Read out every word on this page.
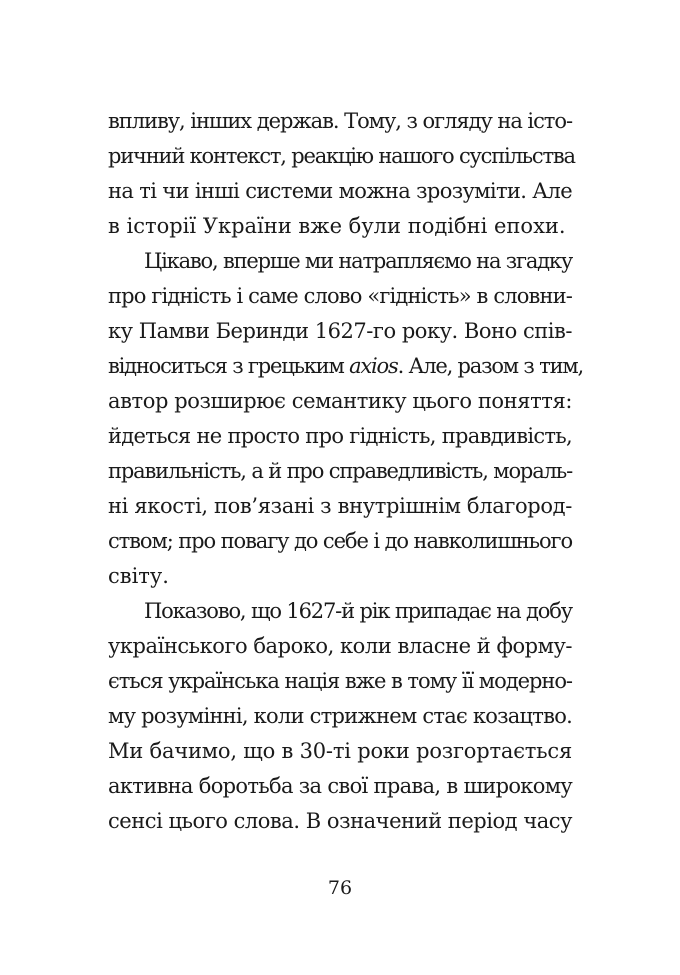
впливу, інших держав. Тому, з огляду на істо-
ричний контекст, реакцію нашого суспільства
на ті чи інші системи можна зрозуміти. Але
в історії України вже були подібні епохи.
Цікаво, вперше ми натрапляємо на згадку
про гідність і саме слово «гідність» в словни-
ку Памви Беринди 1627-го року. Воно спів-
відноситься з грецьким axios. Але, разом з тим,
автор розширює семантику цього поняття:
йдеться не просто про гідність, правдивість,
правильність, а й про справедливість, мораль-
ні якості, пов’язані з внутрішнім благород-
ством; про повагу до себе і до навколишнього
світу.
Показово, що 1627-й рік припадає на добу
українського бароко, коли власне й форму-
ється українська нація вже в тому її модерно-
му розумінні, коли стрижнем стає козацтво.
Ми бачимо, що в 30-ті роки розгортається
активна боротьба за свої права, в широкому
сенсі цього слова. В означений період часу
76
